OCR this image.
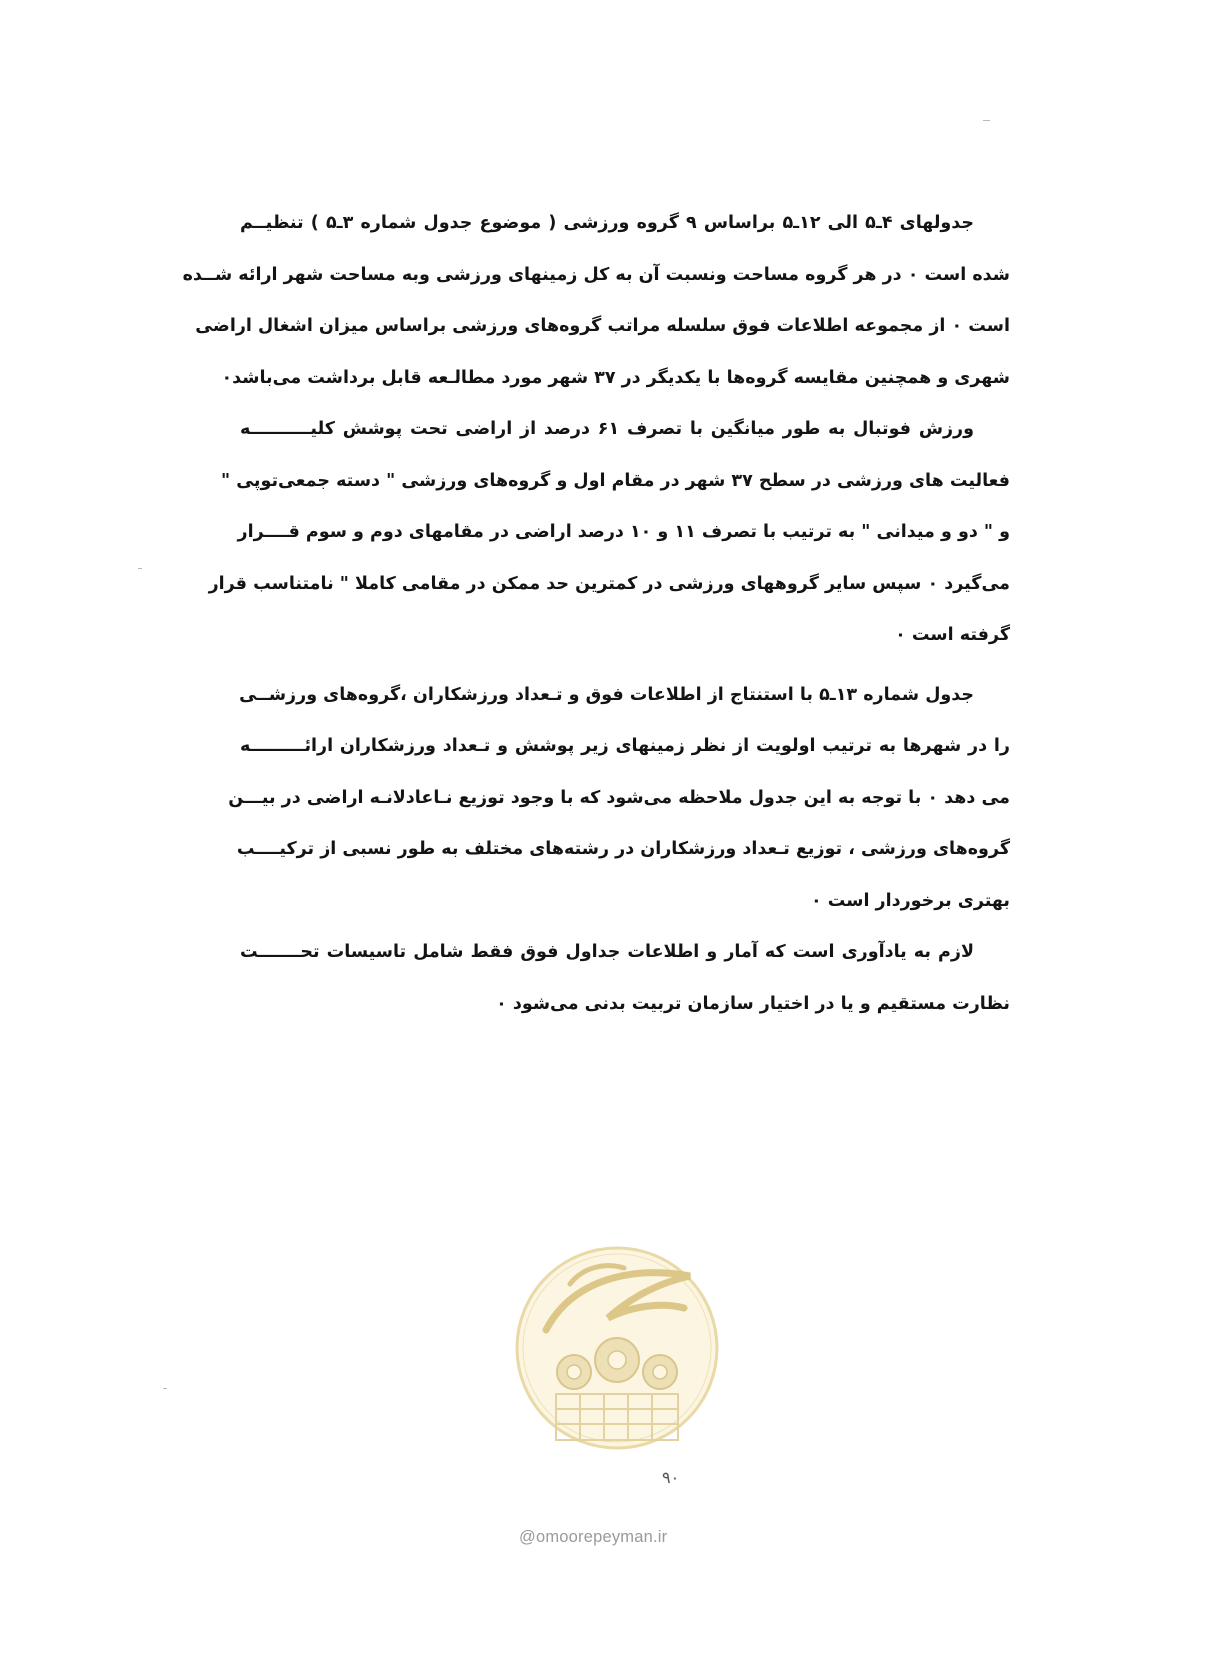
جدولهای ۴ـ۵ الی ۱۲ـ۵ براساس ۹ گروه ورزشی ( موضوع جدول شماره ۳ـ۵ ) تنظیــم
شده است ۰ در هر گروه مساحت ونسبت آن به کل زمینهای ورزشی وبه مساحت شهر ارائه شــده
است ۰ از مجموعه اطلاعات فوق سلسله مراتب گروه‌های ورزشی براساس میزان اشغال اراضی
شهری و همچنین مقایسه گروه‌ها با یکدیگر در ۳۷ شهر مورد مطالـعه قابل برداشت می‌باشد۰

ورزش فوتبال به طور میانگین با تصرف ۶۱ درصد از اراضی تحت پوشش کلیــــــــــه
فعالیت های ورزشی در سطح ۳۷ شهر در مقام اول و گروه‌های ورزشی " دسته جمعی‌توپی "
و " دو و میدانی " به ترتیب با تصرف ۱۱ و ۱۰ درصد اراضی در مقامهای دوم و سوم قــــرار
می‌گیرد ۰ سپس سایر گروههای ورزشی در کمترین حد ممکن در مقامی کاملا " نامتناسب قرار
گرفته است ۰

جدول شماره ۱۳ـ۵ با استنتاج از اطلاعات فوق و تـعداد ورزشکاران ،گروه‌های ورزشــی
را در شهرها به ترتیب اولویت از نظر زمینهای زیر پوشش و تـعداد ورزشکاران ارائـــــــــه
می دهد ۰ با توجه به این جدول ملاحظه می‌شود که با وجود توزیع نـاعادلانـه اراضی در بیـــن
گروه‌های ورزشی ، توزیع تـعداد ورزشکاران در رشته‌های مختلف به طور نسبی از ترکیــــب
بهتری برخوردار است ۰

لازم به یادآوری است که آمار و اطلاعات جداول فوق فقط شامل تاسیسات تحـــــــت
نظارت مستقیم و یا در اختیار سازمان تربیت بدنی می‌شود ۰

۹۰
@omoorepeyman.ir
